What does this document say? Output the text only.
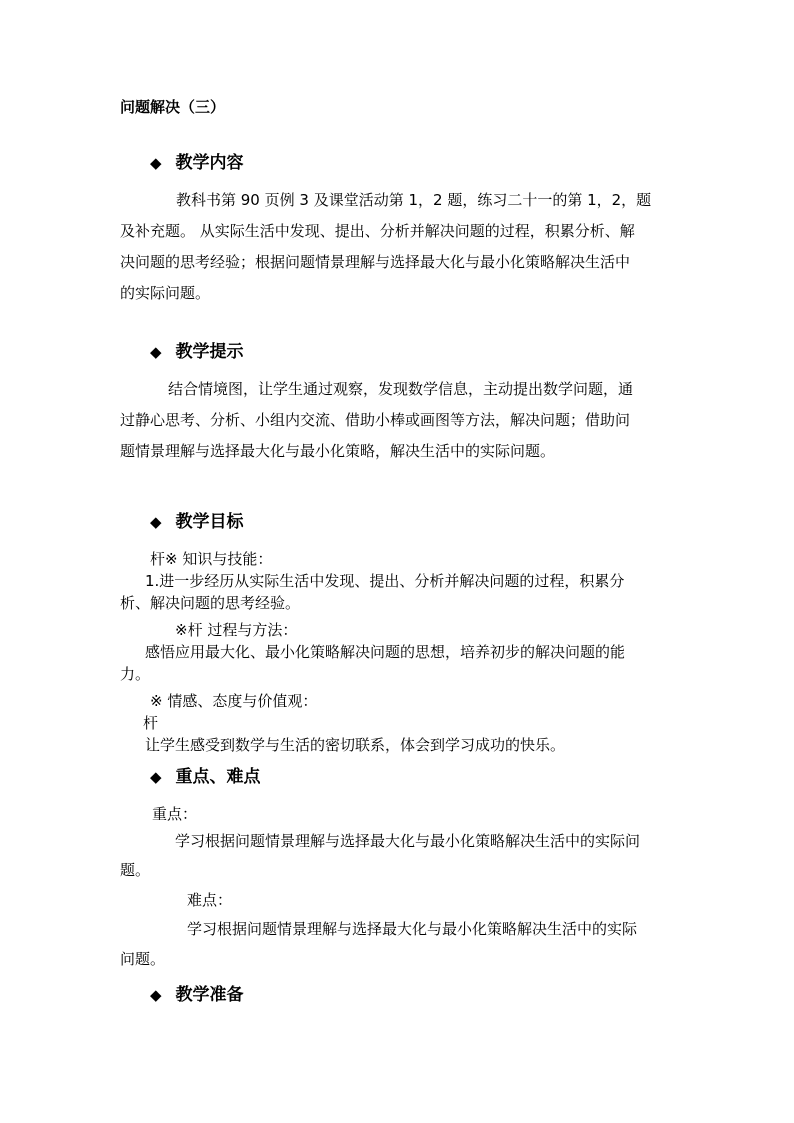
问题解决（三）
◆ 教学内容
教科书第 90 页例 3 及课堂活动第 1，2 题，练习二十一的第 1，2，题
及补充题。 从实际生活中发现、提出、分析并解决问题的过程，积累分析、解
决问题的思考经验；根据问题情景理解与选择最大化与最小化策略解决生活中
的实际问题。
◆ 教学提示
结合情境图，让学生通过观察，发现数学信息，主动提出数学问题，通
过静心思考、分析、小组内交流、借助小棒或画图等方法，解决问题；借助问
题情景理解与选择最大化与最小化策略，解决生活中的实际问题。
◆ 教学目标
杆※ 知识与技能：
1.进一步经历从实际生活中发现、提出、分析并解决问题的过程，积累分
析、解决问题的思考经验。
※杆 过程与方法：
感悟应用最大化、最小化策略解决问题的思想，培养初步的解决问题的能
力。
※ 情感、态度与价值观：
杆
让学生感受到数学与生活的密切联系，体会到学习成功的快乐。
◆ 重点、难点
重点：
学习根据问题情景理解与选择最大化与最小化策略解决生活中的实际问
题。
难点：
学习根据问题情景理解与选择最大化与最小化策略解决生活中的实际
问题。
◆ 教学准备
